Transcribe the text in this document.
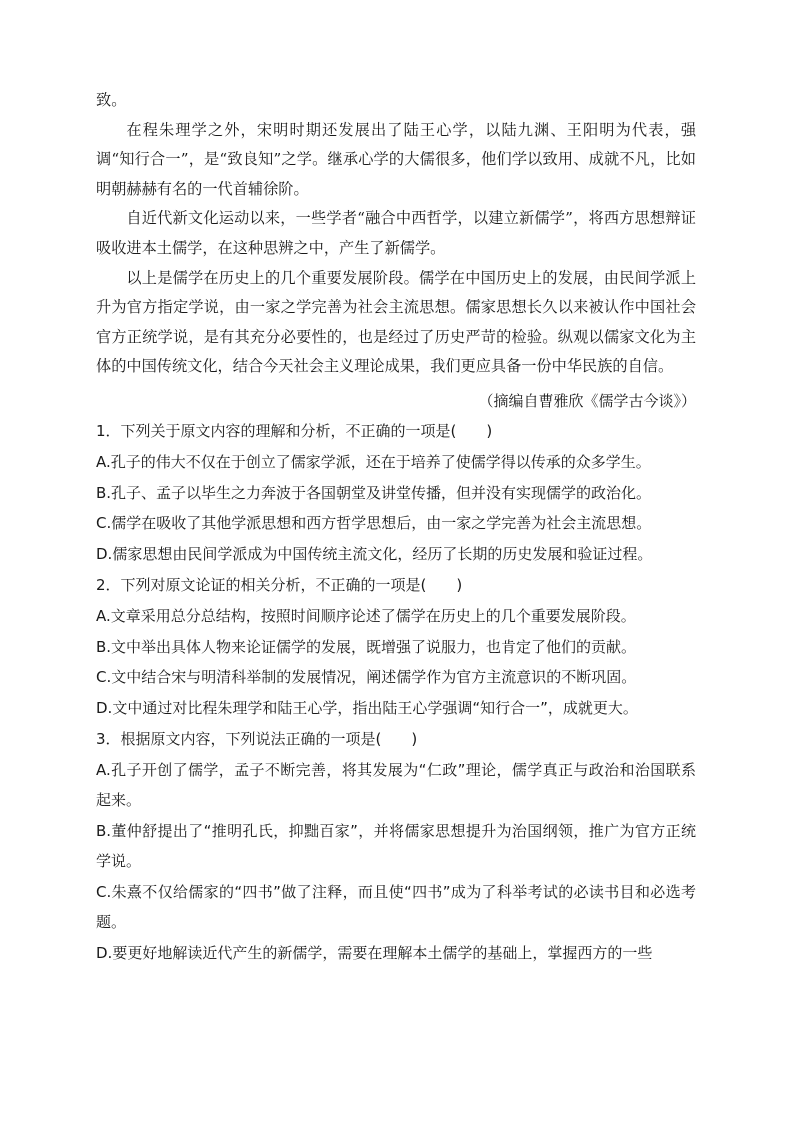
致。

在程朱理学之外，宋明时期还发展出了陆王心学，以陆九渊、王阳明为代表，强调“知行合一”，是“致良知”之学。继承心学的大儒很多，他们学以致用、成就不凡，比如明朝赫赫有名的一代首辅徐阶。

自近代新文化运动以来，一些学者“融合中西哲学，以建立新儒学”，将西方思想辩证吸收进本土儒学，在这种思辨之中，产生了新儒学。

以上是儒学在历史上的几个重要发展阶段。儒学在中国历史上的发展，由民间学派上升为官方指定学说，由一家之学完善为社会主流思想。儒家思想长久以来被认作中国社会官方正统学说，是有其充分必要性的，也是经过了历史严苛的检验。纵观以儒家文化为主体的中国传统文化，结合今天社会主义理论成果，我们更应具备一份中华民族的自信。

（摘编自曹雅欣《儒学古今谈》）

1．下列关于原文内容的理解和分析，不正确的一项是(　　)

A.孔子的伟大不仅在于创立了儒家学派，还在于培养了使儒学得以传承的众多学生。

B.孔子、孟子以毕生之力奔波于各国朝堂及讲堂传播，但并没有实现儒学的政治化。

C.儒学在吸收了其他学派思想和西方哲学思想后，由一家之学完善为社会主流思想。

D.儒家思想由民间学派成为中国传统主流文化，经历了长期的历史发展和验证过程。

2．下列对原文论证的相关分析，不正确的一项是(　　)

A.文章采用总分总结构，按照时间顺序论述了儒学在历史上的几个重要发展阶段。

B.文中举出具体人物来论证儒学的发展，既增强了说服力，也肯定了他们的贡献。

C.文中结合宋与明清科举制的发展情况，阐述儒学作为官方主流意识的不断巩固。

D.文中通过对比程朱理学和陆王心学，指出陆王心学强调“知行合一”，成就更大。

3．根据原文内容，下列说法正确的一项是(　　)

A.孔子开创了儒学，孟子不断完善，将其发展为“仁政”理论，儒学真正与政治和治国联系起来。

B.董仲舒提出了“推明孔氏，抑黜百家”，并将儒家思想提升为治国纲领，推广为官方正统学说。

C.朱熹不仅给儒家的“四书”做了注释，而且使“四书”成为了科举考试的必读书目和必选考题。

D.要更好地解读近代产生的新儒学，需要在理解本土儒学的基础上，掌握西方的一些
